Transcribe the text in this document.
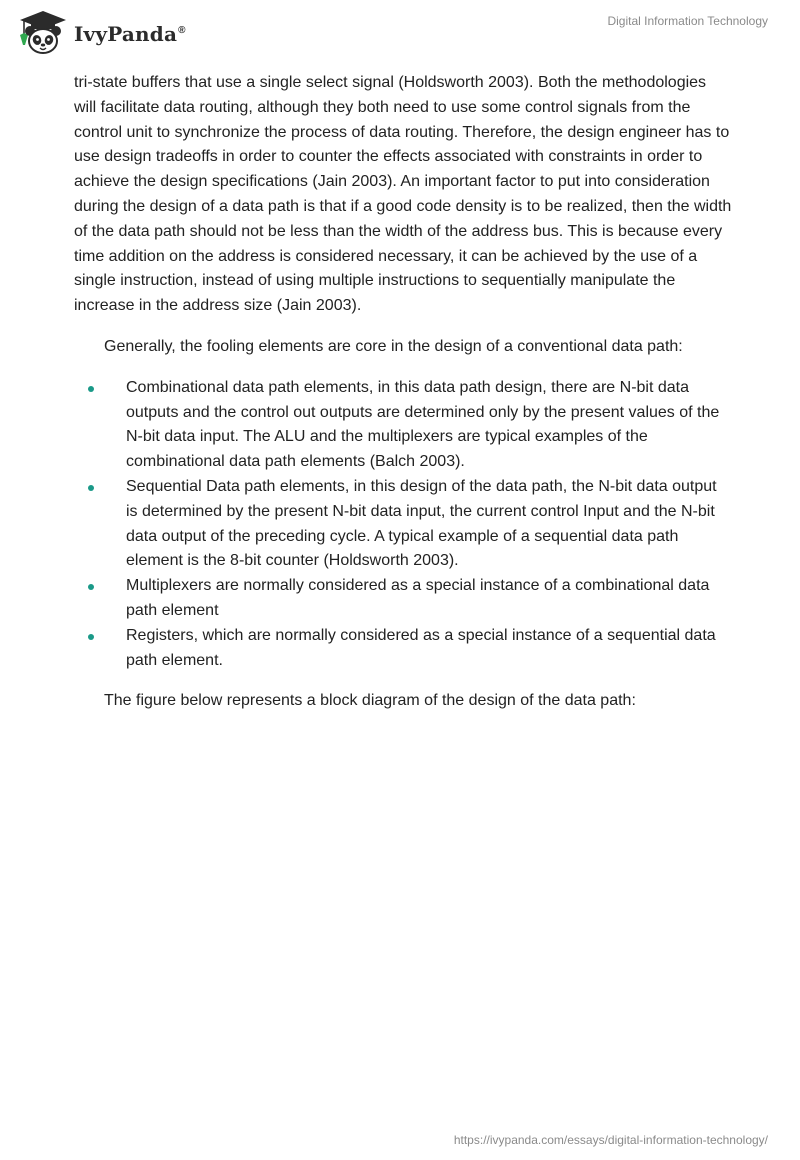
IvyPanda®
Digital Information Technology

tri-state buffers that use a single select signal (Holdsworth 2003). Both the methodologies will facilitate data routing, although they both need to use some control signals from the control unit to synchronize the process of data routing. Therefore, the design engineer has to use design tradeoffs in order to counter the effects associated with constraints in order to achieve the design specifications (Jain 2003). An important factor to put into consideration during the design of a data path is that if a good code density is to be realized, then the width of the data path should not be less than the width of the address bus. This is because every time addition on the address is considered necessary, it can be achieved by the use of a single instruction, instead of using multiple instructions to sequentially manipulate the increase in the address size (Jain 2003).

Generally, the fooling elements are core in the design of a conventional data path:

Combinational data path elements, in this data path design, there are N-bit data outputs and the control out outputs are determined only by the present values of the N-bit data input. The ALU and the multiplexers are typical examples of the combinational data path elements (Balch 2003).
Sequential Data path elements, in this design of the data path, the N-bit data output is determined by the present N-bit data input, the current control Input and the N-bit data output of the preceding cycle. A typical example of a sequential data path element is the 8-bit counter (Holdsworth 2003).
Multiplexers are normally considered as a special instance of a combinational data path element
Registers, which are normally considered as a special instance of a sequential data path element.

The figure below represents a block diagram of the design of the data path:

https://ivypanda.com/essays/digital-information-technology/
